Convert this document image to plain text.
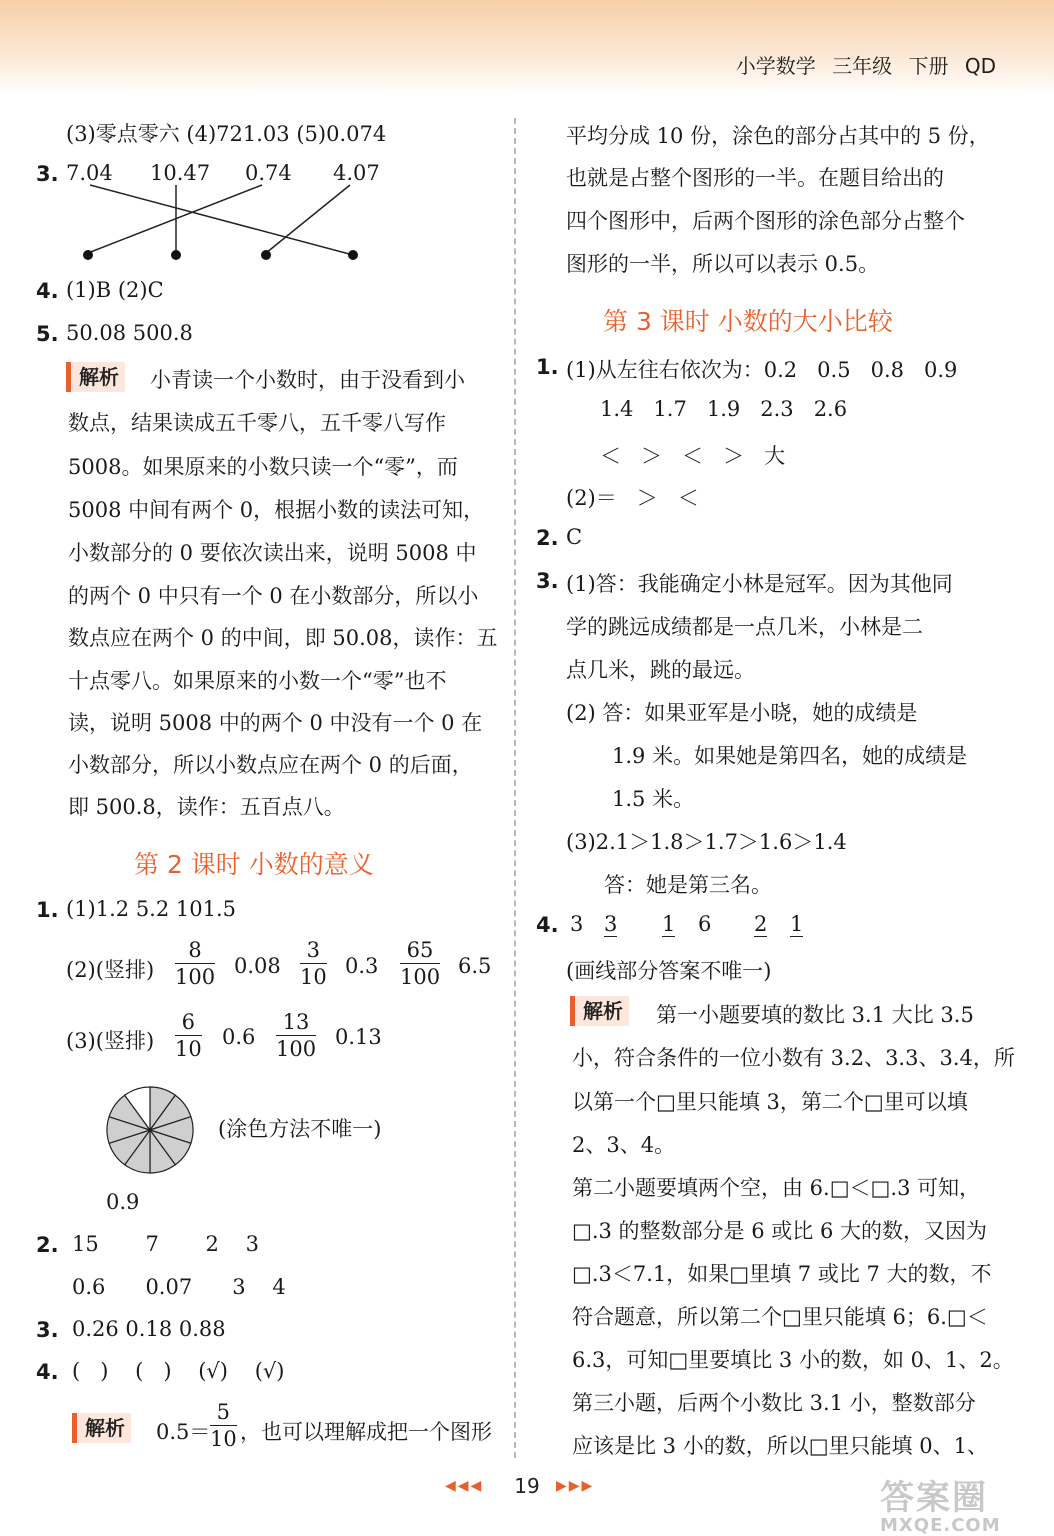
小学数学 三年级 下册 QD
(3)零点零六 (4)721.03 (5)0.074
3. 7.04 10.47 0.74 4.07
4. (1)B (2)C
5. 50.08 500.8
解析 小青读一个小数时，由于没看到小
数点，结果读成五千零八，五千零八写作
5008。如果原来的小数只读一个“零”，而
5008 中间有两个 0，根据小数的读法可知，
小数部分的 0 要依次读出来，说明 5008 中
的两个 0 中只有一个 0 在小数部分，所以小
数点应在两个 0 的中间，即 50.08，读作：五
十点零八。如果原来的小数一个“零”也不
读，说明 5008 中的两个 0 中没有一个 0 在
小数部分，所以小数点应在两个 0 的后面，
即 500.8，读作：五百点八。
第 2 课时 小数的意义
1. (1)1.2 5.2 101.5
(2)(竖排)
8
100 0.08
3
10 0.3
65
100 6.5
(3)(竖排)
6
10
0.6
13
100
0.13
(涂色方法不唯一)
0.9
2. 15       7       2    3
0.6      0.07      3    4
3. 0.26 0.18 0.88
4. (   )    (   )    (√)    (√)
解析 0.5＝
5
10 ，也可以理解成把一个图形
平均分成 10 份，涂色的部分占其中的 5 份，
也就是占整个图形的一半。在题目给出的
四个图形中，后两个图形的涂色部分占整个
图形的一半，所以可以表示 0.5。
第 3 课时 小数的大小比较
1. (1)从左往右依次为：0.2   0.5   0.8   0.9
1.4   1.7   1.9   2.3   2.6
＜   ＞   ＜   ＞   大
(2)＝   ＞   ＜
2. C
3. (1)答：我能确定小林是冠军。因为其他同
学的跳远成绩都是一点几米，小林是二
点几米，跳的最远。
(2) 答：如果亚军是小晓，她的成绩是
1.9 米。如果她是第四名，她的成绩是
1.5 米。
(3)2.1＞1.8＞1.7＞1.6＞1.4
答：她是第三名。
4. 3 3 1 6 2 1
(画线部分答案不唯一)
解析 第一小题要填的数比 3.1 大比 3.5
小，符合条件的一位小数有 3.2、3.3、3.4，所
以第一个□里只能填 3，第二个□里可以填
2、3、4。
第二小题要填两个空，由 6.□＜□.3 可知，
□.3 的整数部分是 6 或比 6 大的数，又因为
□.3＜7.1，如果□里填 7 或比 7 大的数，不
符合题意，所以第二个□里只能填 6；6.□＜
6.3，可知□里要填比 3 小的数，如 0、1、2。
第三小题，后两个小数比 3.1 小，整数部分
应该是比 3 小的数，所以□里只能填 0、1、
◀◀◀ 19 ▶▶▶	答案圈
MXQE.COM
